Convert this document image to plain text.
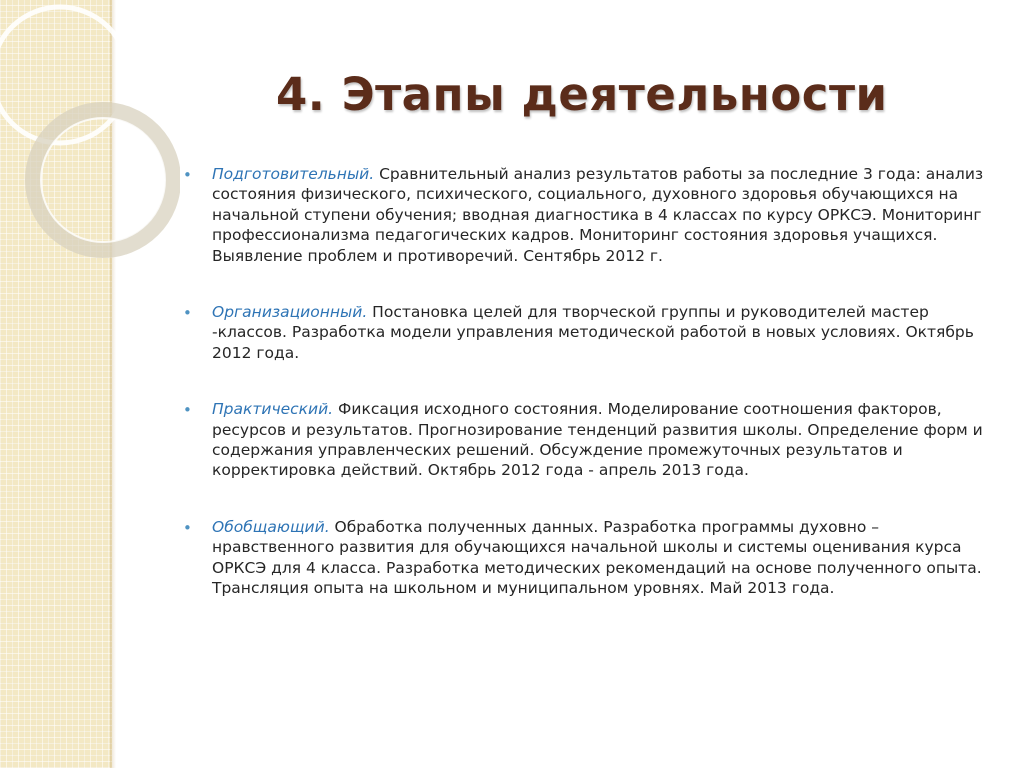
4. Этапы деятельности
• Подготовительный. Сравнительный анализ результатов работы за последние 3 года: анализ состояния физического, психического, социального, духовного здоровья обучающихся на начальной ступени обучения; вводная диагностика в 4 классах по курсу ОРКСЭ. Мониторинг профессионализма педагогических кадров. Мониторинг состояния здоровья учащихся. Выявление проблем и противоречий. Сентябрь 2012 г.
• Организационный. Постановка целей для творческой группы и руководителей мастер -классов. Разработка модели управления методической работой в новых условиях. Октябрь 2012 года.
• Практический. Фиксация исходного состояния. Моделирование соотношения факторов, ресурсов и результатов. Прогнозирование тенденций развития школы. Определение форм и содержания управленческих решений. Обсуждение промежуточных результатов и корректировка действий. Октябрь 2012 года - апрель 2013 года.
• Обобщающий. Обработка полученных данных. Разработка программы духовно – нравственного развития для обучающихся начальной школы и системы оценивания курса ОРКСЭ для 4 класса. Разработка методических рекомендаций на основе полученного опыта. Трансляция опыта на школьном и муниципальном уровнях. Май 2013 года.
